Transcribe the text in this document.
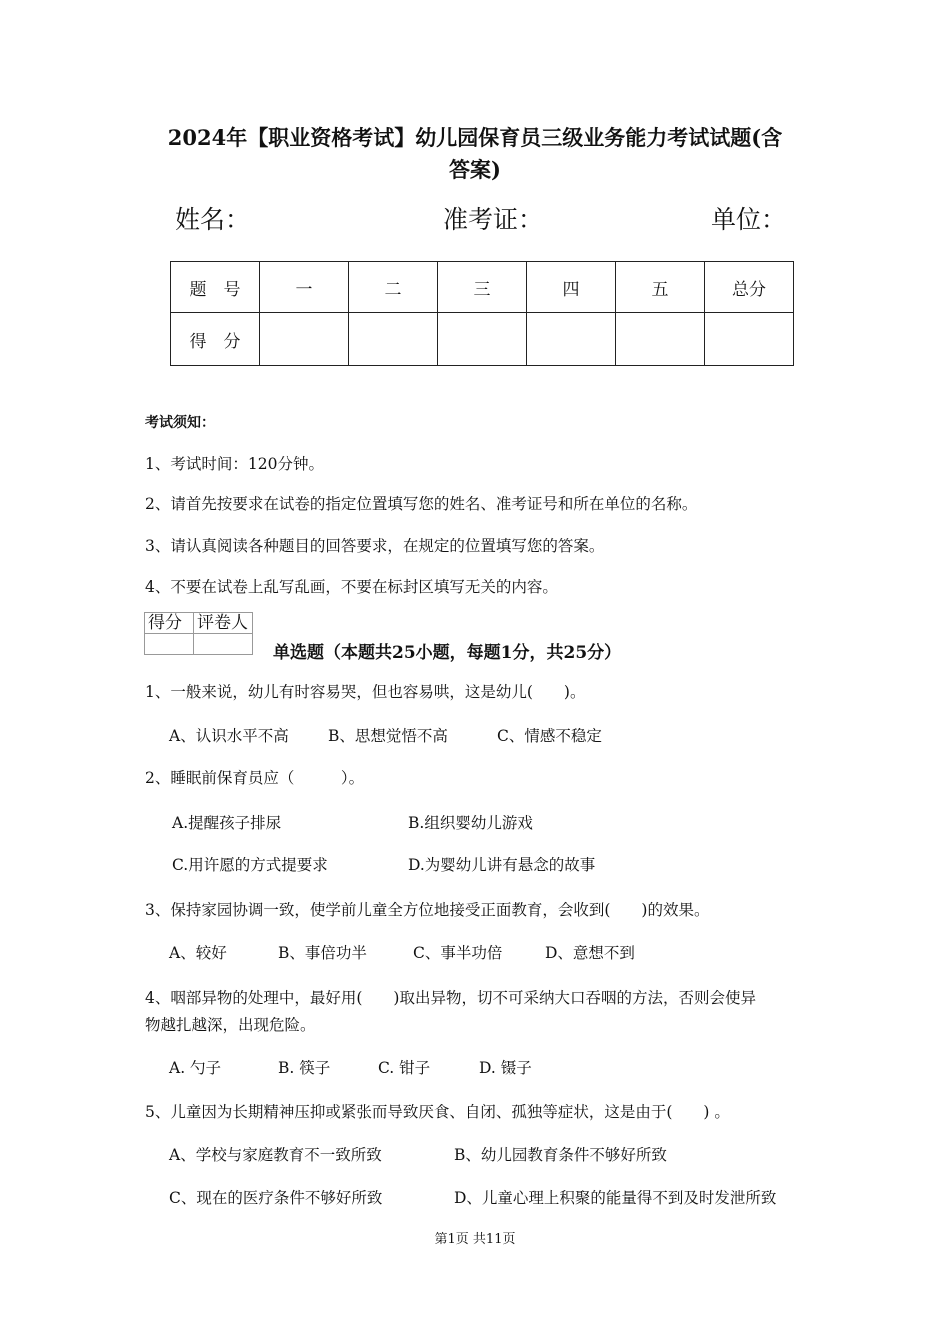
2024年【职业资格考试】幼儿园保育员三级业务能力考试试题(含
答案)
姓名：	准考证：	单位：
题　号	一	二	三	四	五	总分
得　分						
考试须知：
1、考试时间：120分钟。
2、请首先按要求在试卷的指定位置填写您的姓名、准考证号和所在单位的名称。
3、请认真阅读各种题目的回答要求，在规定的位置填写您的答案。
4、不要在试卷上乱写乱画，不要在标封区填写无关的内容。
得分	评卷人

单选题（本题共25小题，每题1分，共25分）
1、一般来说，幼儿有时容易哭，但也容易哄，这是幼儿(　　)。
A、认识水平不高	B、思想觉悟不高	C、情感不稳定
2、睡眠前保育员应（　　　）。
A.提醒孩子排尿	B.组织婴幼儿游戏
C.用许愿的方式提要求	D.为婴幼儿讲有悬念的故事
3、保持家园协调一致，使学前儿童全方位地接受正面教育，会收到(　　)的效果。
A、较好	B、事倍功半	C、事半功倍	D、意想不到
4、咽部异物的处理中，最好用(　　)取出异物，切不可采纳大口吞咽的方法，否则会使异
物越扎越深，出现危险。
A. 勺子	B. 筷子	C. 钳子	D. 镊子
5、儿童因为长期精神压抑或紧张而导致厌食、自闭、孤独等症状，这是由于(　　) 。
A、学校与家庭教育不一致所致	B、幼儿园教育条件不够好所致
C、现在的医疗条件不够好所致	D、儿童心理上积聚的能量得不到及时发泄所致
第1页 共11页
